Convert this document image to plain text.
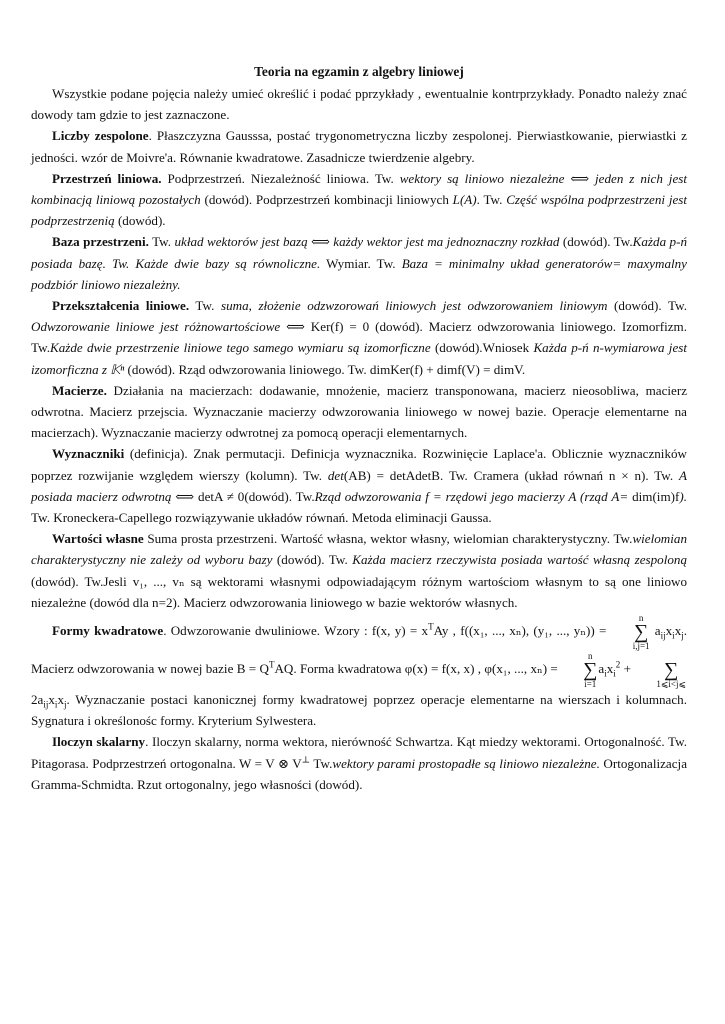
Teoria na egzamin z algebry liniowej

Wszystkie podane pojęcia należy umieć określić i podać pprzykłady , ewentualnie kontrprzykłady. Ponadto należy znać dowody tam gdzie to jest zaznaczone.

Liczby zespolone. Płaszczyzna Gausssa, postać trygonometryczna liczby zespolonej. Pierwiastkowanie, pierwiastki z jedności. wzór de Moivre'a. Równanie kwadratowe. Zasadnicze twierdzenie algebry.

Przestrzeń liniowa. Podprzestrzeń. Niezależność liniowa. Tw. wektory są liniowo niezależne ⟺ jeden z nich jest kombinacją liniową pozostałych (dowód). Podprzestrzeń kombinacji liniowych L(A). Tw. Część wspólna podprzestrzeni jest podprzestrzenią (dowód).

Baza przestrzeni. Tw. układ wektorów jest bazą ⟺ każdy wektor jest ma jednoznaczny rozkład (dowód). Tw.Każda p-ń posiada bazę. Tw. Każde dwie bazy są równoliczne. Wymiar. Tw. Baza = minimalny układ generatorów= maxymalny podzbiór liniowo niezależny.

Przekształcenia liniowe. Tw. suma, złożenie odzwzorowań liniowych jest odwzorowaniem liniowym (dowód). Tw. Odwzorowanie liniowe jest różnowartościowe ⟺ Ker(f) = 0 (dowód). Macierz odwzorowania liniowego. Izomorfizm. Tw.Każde dwie przestrzenie liniowe tego samego wymiaru są izomorficzne (dowód).Wniosek Każda p-ń n-wymiarowa jest izomorficzna z 𝕂ⁿ (dowód). Rząd odwzorowania liniowego. Tw. dimKer(f) + dimf(V) = dimV.

Macierze. Działania na macierzach: dodawanie, mnożenie, macierz transponowana, macierz nieosobliwa, macierz odwrotna. Macierz przejscia. Wyznaczanie macierzy odwzorowania liniowego w nowej bazie. Operacje elementarne na macierzach). Wyznaczanie macierzy odwrotnej za pomocą operacji elementarnych.

Wyznaczniki (definicja). Znak permutacji. Definicja wyznacznika. Rozwinięcie Laplace'a. Oblicznie wyznaczników poprzez rozwijanie względem wierszy (kolumn). Tw. det(AB) = detAdetB. Tw. Cramera (układ równań n × n). Tw. A posiada macierz odwrotną ⟺ detA ≠ 0(dowód). Tw.Rząd odwzorowania f = rzędowi jego macierzy A (rząd A= dim(im)f). Tw. Kroneckera-Capellego rozwiązywanie układów równań. Metoda eliminacji Gaussa.

Wartości własne Suma prosta przestrzeni. Wartość własna, wektor własny, wielomian charakterystyczny. Tw.wielomian charakterystyczny nie zależy od wyboru bazy (dowód). Tw. Każda macierz rzeczywista posiada wartość własną zespoloną (dowód). Tw.Jesli v₁, ..., vₙ są wektorami własnymi odpowiadającym różnym wartościom własnym to są one liniowo niezależne (dowód dla n=2). Macierz odwzorowania liniowego w bazie wektorów własnych.

Formy kwadratowe. Odwzorowanie dwuliniowe. Wzory : f(x, $y) = x^TAy$ , f((x₁, ..., xₙ), (y₁, ..., yₙ)) =
n
∑
i,j=1
$a_{ij}x_ix_j$. Macierz odwzorowania w nowej bazie $B = Q^TAQ$. Forma kwadratowa φ(x) = f(x, x) , φ(x₁, ..., xₙ) =
n
∑
i=1
$a_ix_i^2$ +
	∑
1⩽i<j⩽
$2a_{ij}x_ix_j$. Wyznaczanie postaci kanonicznej formy kwadratowej poprzez operacje elementarne na wierszach i kolumnach. Sygnatura i określonośc formy. Kryterium Sylwestera.

Iloczyn skalarny. Iloczyn skalarny, norma wektora, nierówność Schwartza. Kąt miedzy wektorami. Ortogonalność. Tw. Pitagorasa. Podprzestrzeń ortogonalna. W = V ⊗ V⊥ Tw.wektory parami prostopadłe są liniowo niezależne. Ortogonalizacja Gramma-Schmidta. Rzut ortogonalny, jego własności (dowód).
